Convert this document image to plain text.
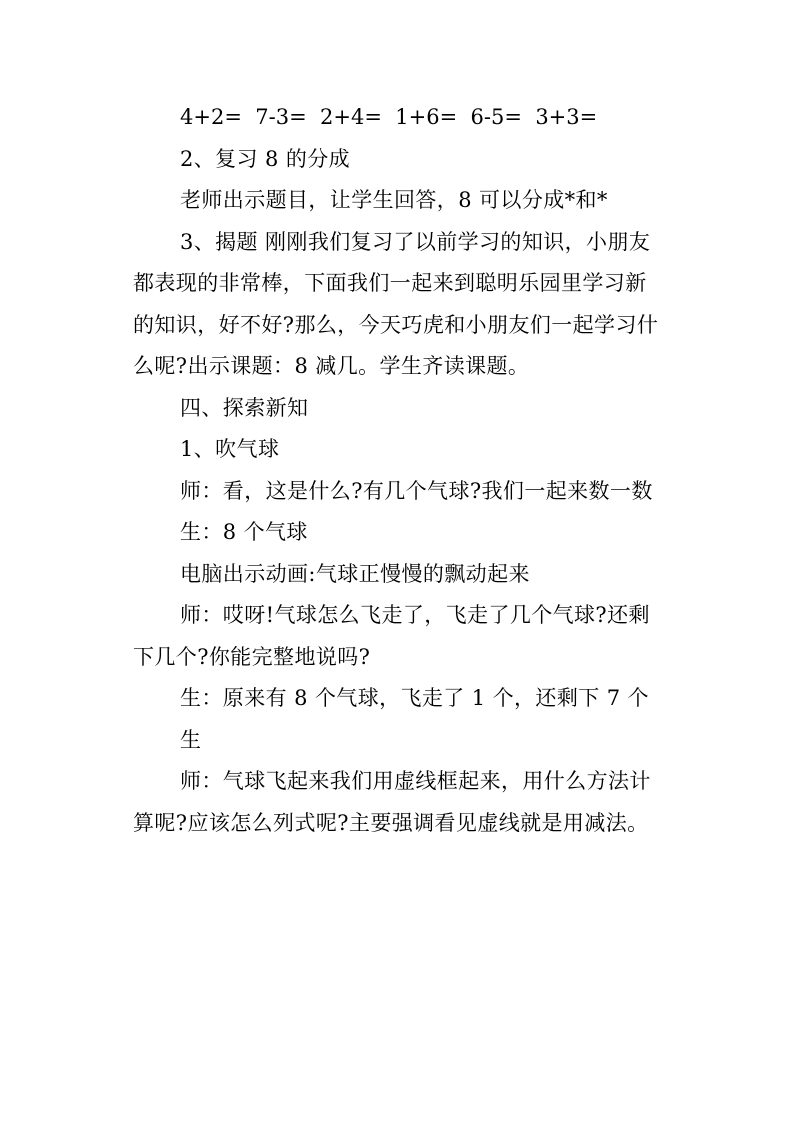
4+2=  7-3=  2+4=  1+6=  6-5=  3+3=

2、复习 8 的分成

老师出示题目，让学生回答，8 可以分成*和*

3、揭题 刚刚我们复习了以前学习的知识，小朋友都表现的非常棒，下面我们一起来到聪明乐园里学习新的知识，好不好?那么，今天巧虎和小朋友们一起学习什么呢?出示课题：8 减几。学生齐读课题。

四、探索新知

1、吹气球

师：看，这是什么?有几个气球?我们一起来数一数

生：8 个气球

电脑出示动画:气球正慢慢的飘动起来

师：哎呀!气球怎么飞走了，飞走了几个气球?还剩下几个?你能完整地说吗?

生：原来有 8 个气球，飞走了 1 个，还剩下 7 个

生

师：气球飞起来我们用虚线框起来，用什么方法计算呢?应该怎么列式呢?主要强调看见虚线就是用减法。
